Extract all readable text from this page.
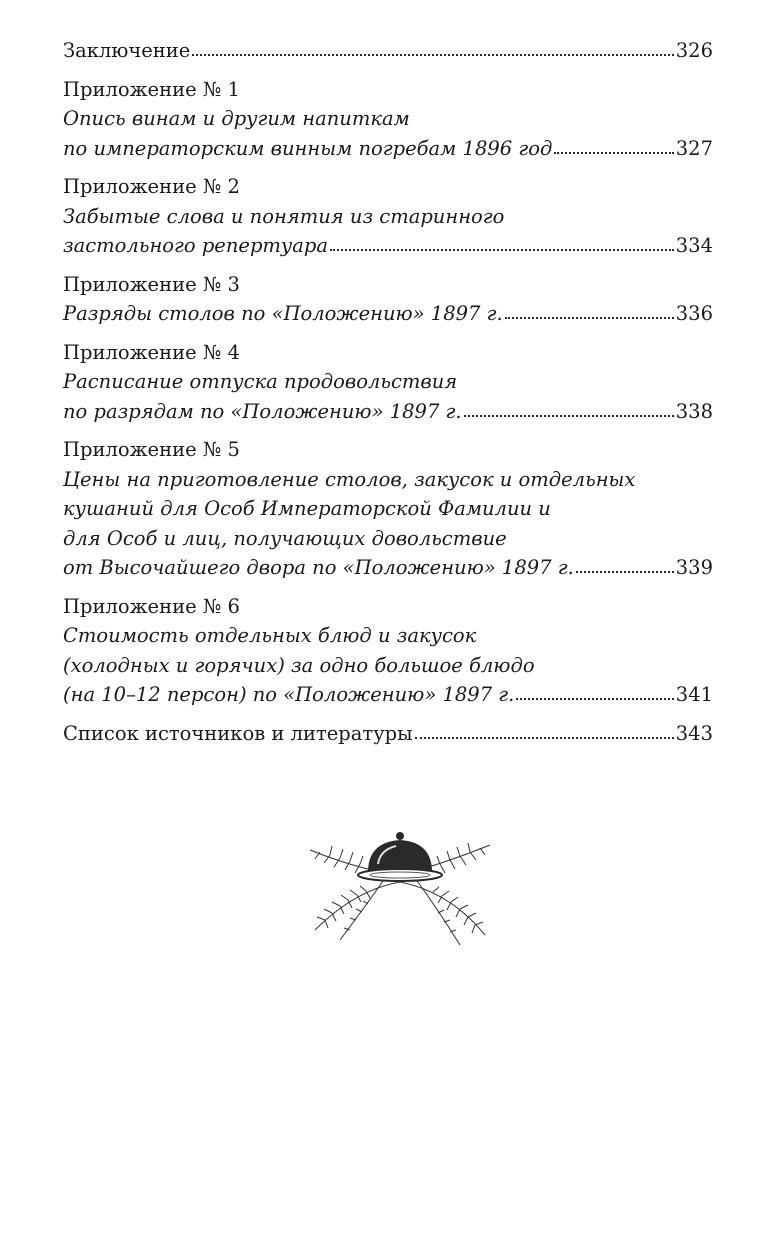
Заключение	326
Приложение № 1
Опись винам и другим напиткам
по императорским винным погребам 1896 год	327
Приложение № 2
Забытые слова и понятия из старинного
застольного репертуара	334
Приложение № 3
Разряды столов по «Положению» 1897 г.	336
Приложение № 4
Расписание отпуска продовольствия
по разрядам по «Положению» 1897 г.	338
Приложение № 5
Цены на приготовление столов, закусок и отдельных
кушаний для Особ Императорской Фамилии и
для Особ и лиц, получающих довольствие
от Высочайшего двора по «Положению» 1897 г.	339
Приложение № 6
Стоимость отдельных блюд и закусок
(холодных и горячих) за одно большое блюдо
(на 10–12 персон) по «Положению» 1897 г.	341
Список источников и литературы	343
